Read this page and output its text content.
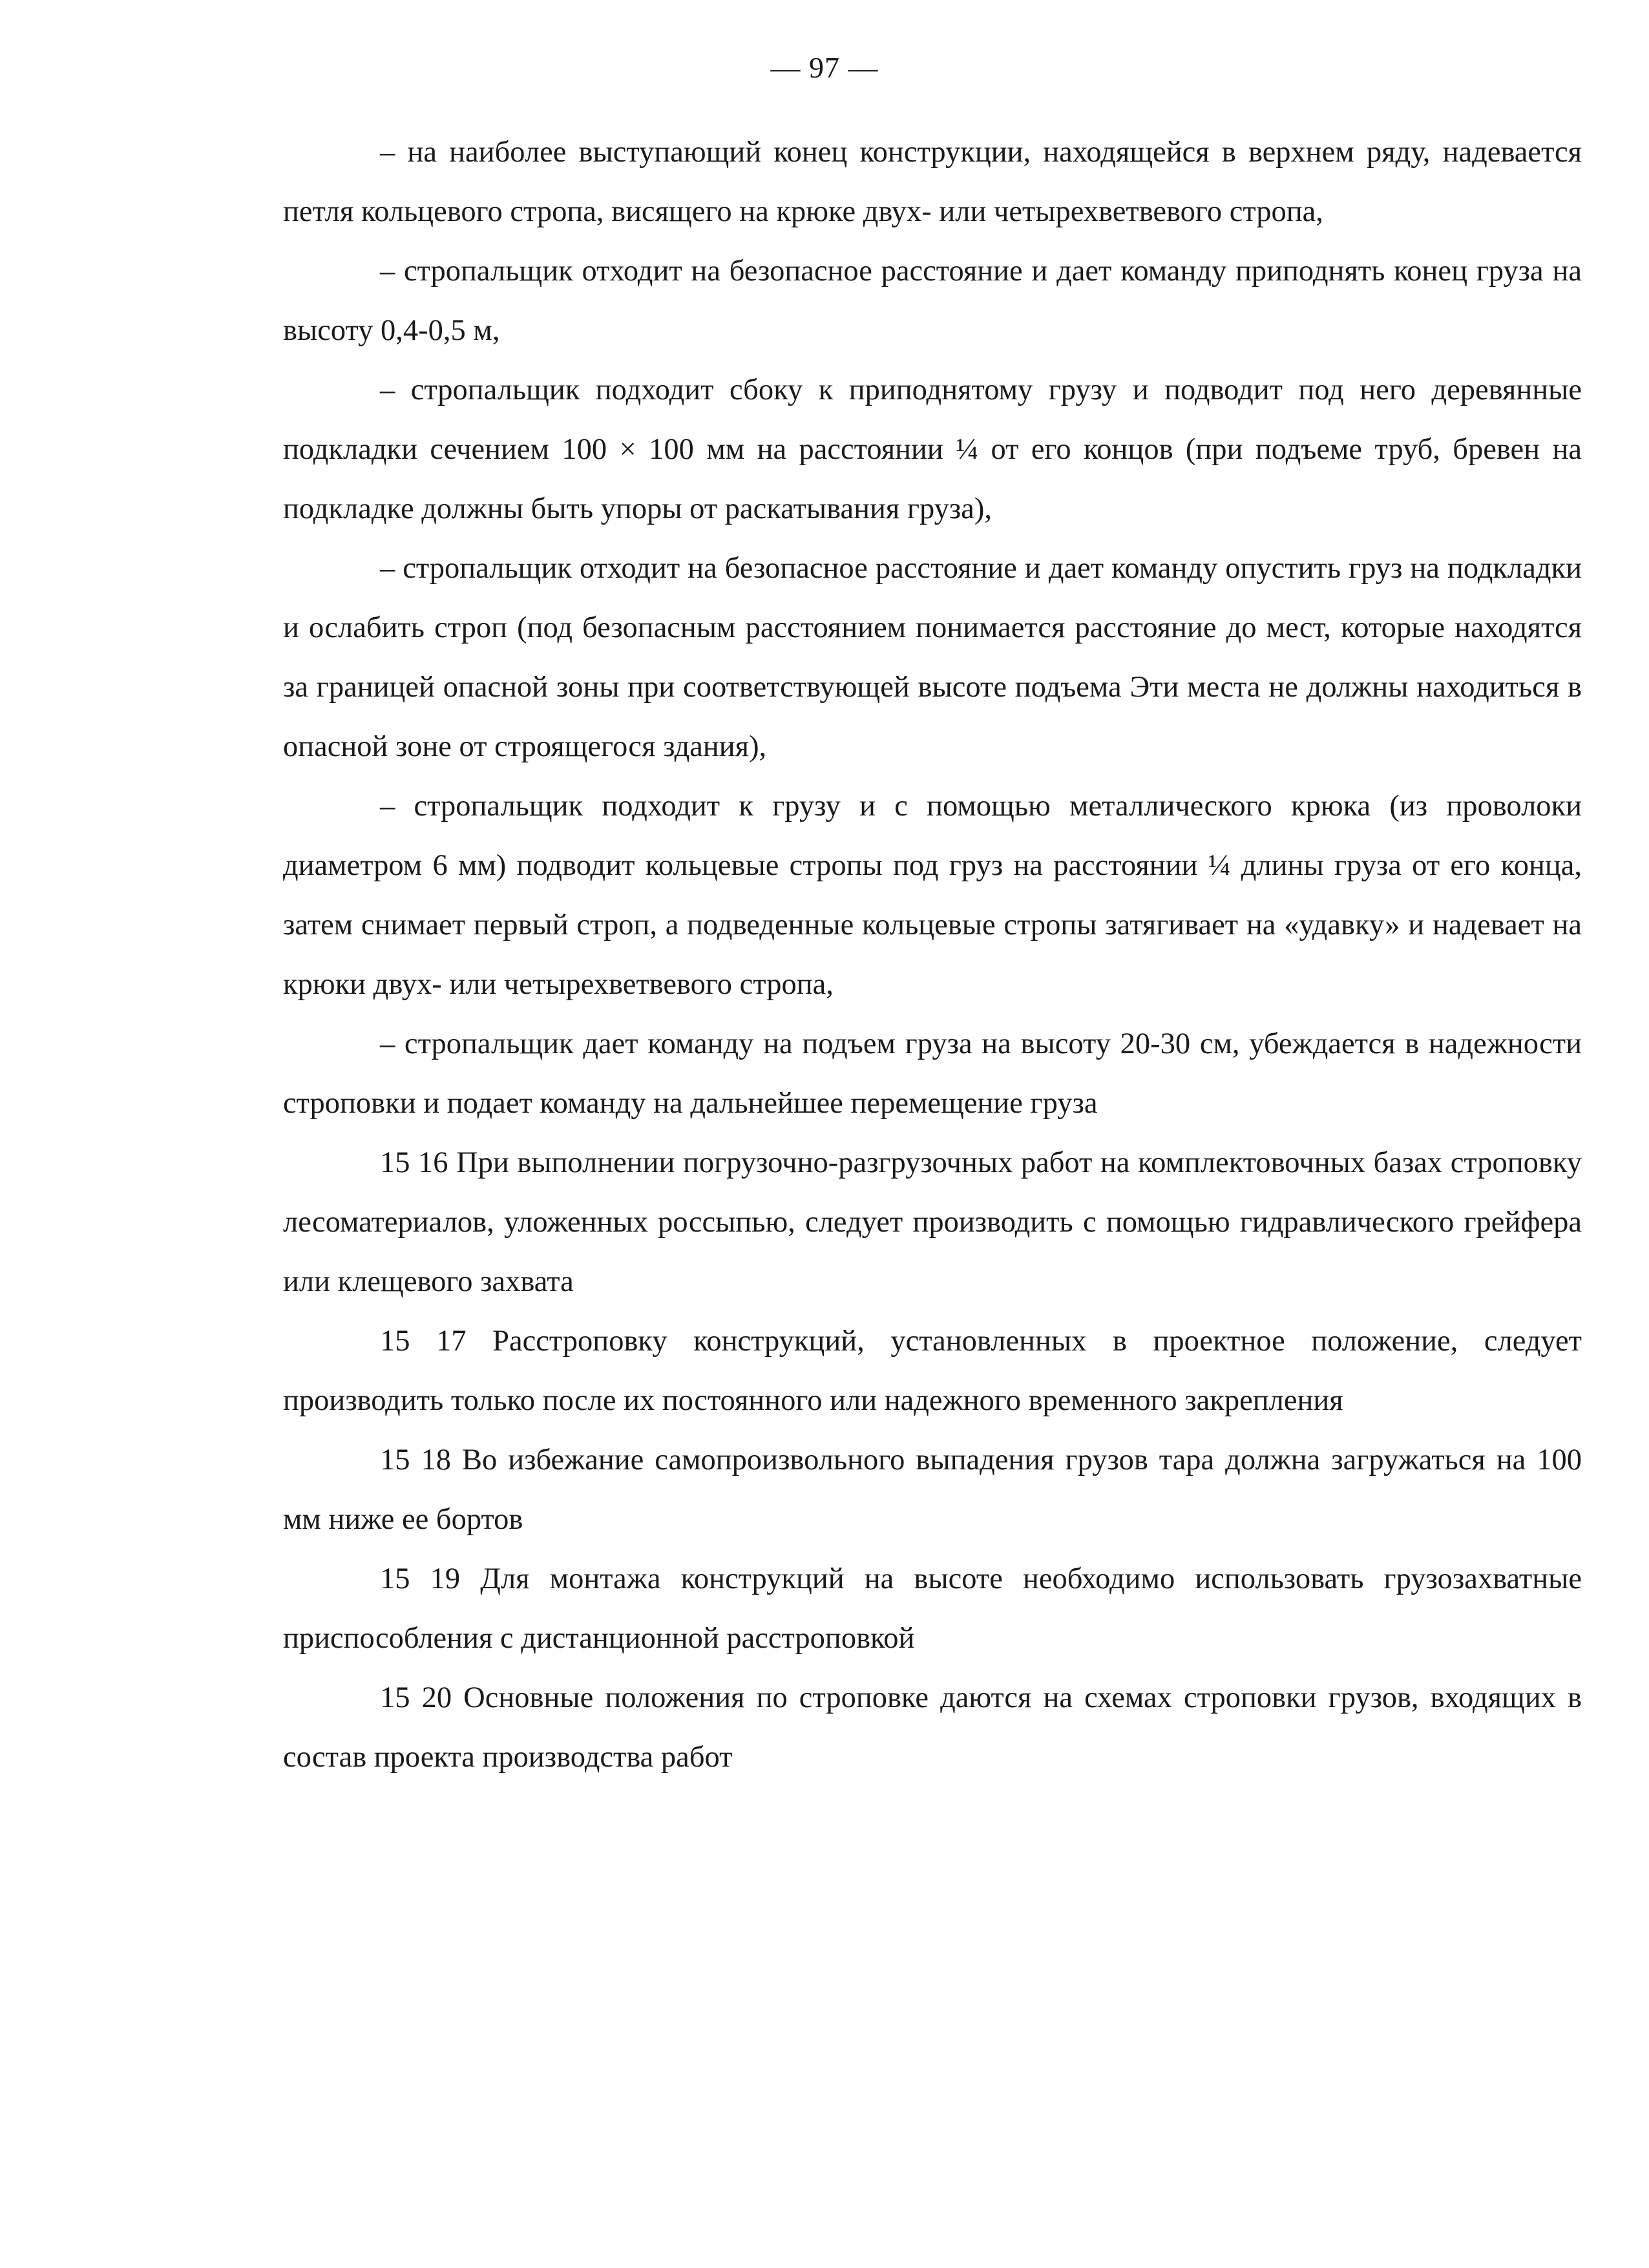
— 97 —

– на наиболее выступающий конец конструкции, находящейся в верхнем ряду, надевается петля кольцевого стропа, висящего на крюке двух- или четырехветвевого стропа,

– стропальщик отходит на безопасное расстояние и дает команду приподнять конец груза на высоту 0,4-0,5 м,

– стропальщик подходит сбоку к приподнятому грузу и подводит под него деревянные подкладки сечением 100 × 100 мм на расстоянии ¼ от его концов (при подъеме труб, бревен на подкладке должны быть упоры от раскатывания груза),

– стропальщик отходит на безопасное расстояние и дает команду опустить груз на подкладки и ослабить строп (под безопасным расстоянием понимается расстояние до мест, которые находятся за границей опасной зоны при соответствующей высоте подъема Эти места не должны находиться в опасной зоне от строящегося здания),

– стропальщик подходит к грузу и с помощью металлического крюка (из проволоки диаметром 6 мм) подводит кольцевые стропы под груз на расстоянии ¼ длины груза от его конца, затем снимает первый строп, а подведенные кольцевые стропы затягивает на «удавку» и надевает на крюки двух- или четырехветвевого стропа,

– стропальщик дает команду на подъем груза на высоту 20-30 см, убеждается в надежности строповки и подает команду на дальнейшее перемещение груза

15 16 При выполнении погрузочно-разгрузочных работ на комплектовочных базах строповку лесоматериалов, уложенных россыпью, следует производить с помощью гидравлического грейфера или клещевого захвата

15 17 Расстроповку конструкций, установленных в проектное положение, следует производить только после их постоянного или надежного временного закрепления

15 18 Во избежание самопроизвольного выпадения грузов тара должна загружаться на 100 мм ниже ее бортов

15 19 Для монтажа конструкций на высоте необходимо использовать грузозахватные приспособления с дистанционной расстроповкой

15 20 Основные положения по строповке даются на схемах строповки грузов, входящих в состав проекта производства работ
